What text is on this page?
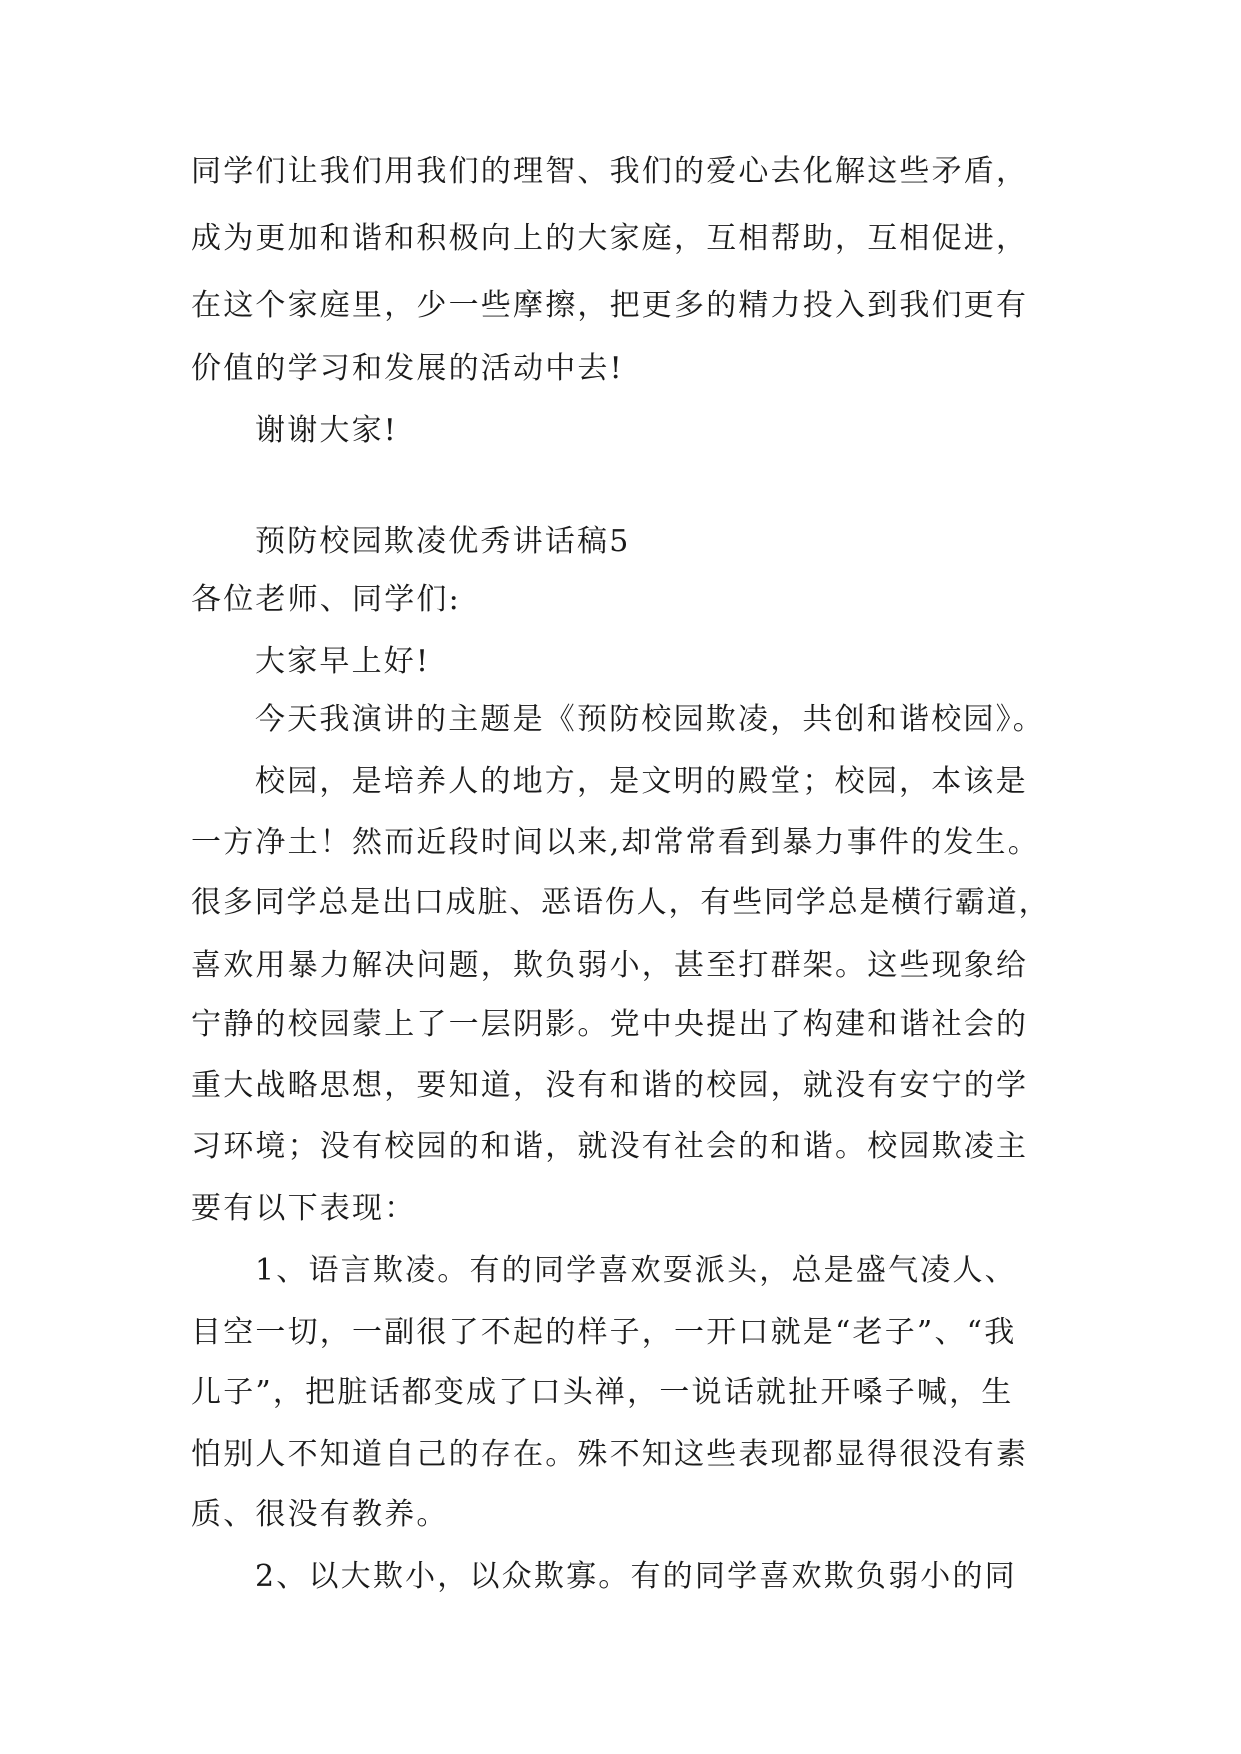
同学们让我们用我们的理智、我们的爱心去化解这些矛盾，
成为更加和谐和积极向上的大家庭，互相帮助，互相促进，
在这个家庭里，少一些摩擦，把更多的精力投入到我们更有
价值的学习和发展的活动中去!
谢谢大家!
预防校园欺凌优秀讲话稿5
各位老师、同学们:
大家早上好!
今天我演讲的主题是《预防校园欺凌，共创和谐校园》。
校园，是培养人的地方，是文明的殿堂；校园，本该是
一方净土！然而近段时间以来,却常常看到暴力事件的发生。
很多同学总是出口成脏、恶语伤人，有些同学总是横行霸道，
喜欢用暴力解决问题，欺负弱小，甚至打群架。这些现象给
宁静的校园蒙上了一层阴影。党中央提出了构建和谐社会的
重大战略思想，要知道，没有和谐的校园，就没有安宁的学
习环境；没有校园的和谐，就没有社会的和谐。校园欺凌主
要有以下表现：
1、语言欺凌。有的同学喜欢耍派头，总是盛气凌人、
目空一切，一副很了不起的样子，一开口就是“老子”、“我
儿子”，把脏话都变成了口头禅，一说话就扯开嗓子喊，生
怕别人不知道自己的存在。殊不知这些表现都显得很没有素
质、很没有教养。
2、以大欺小，以众欺寡。有的同学喜欢欺负弱小的同
